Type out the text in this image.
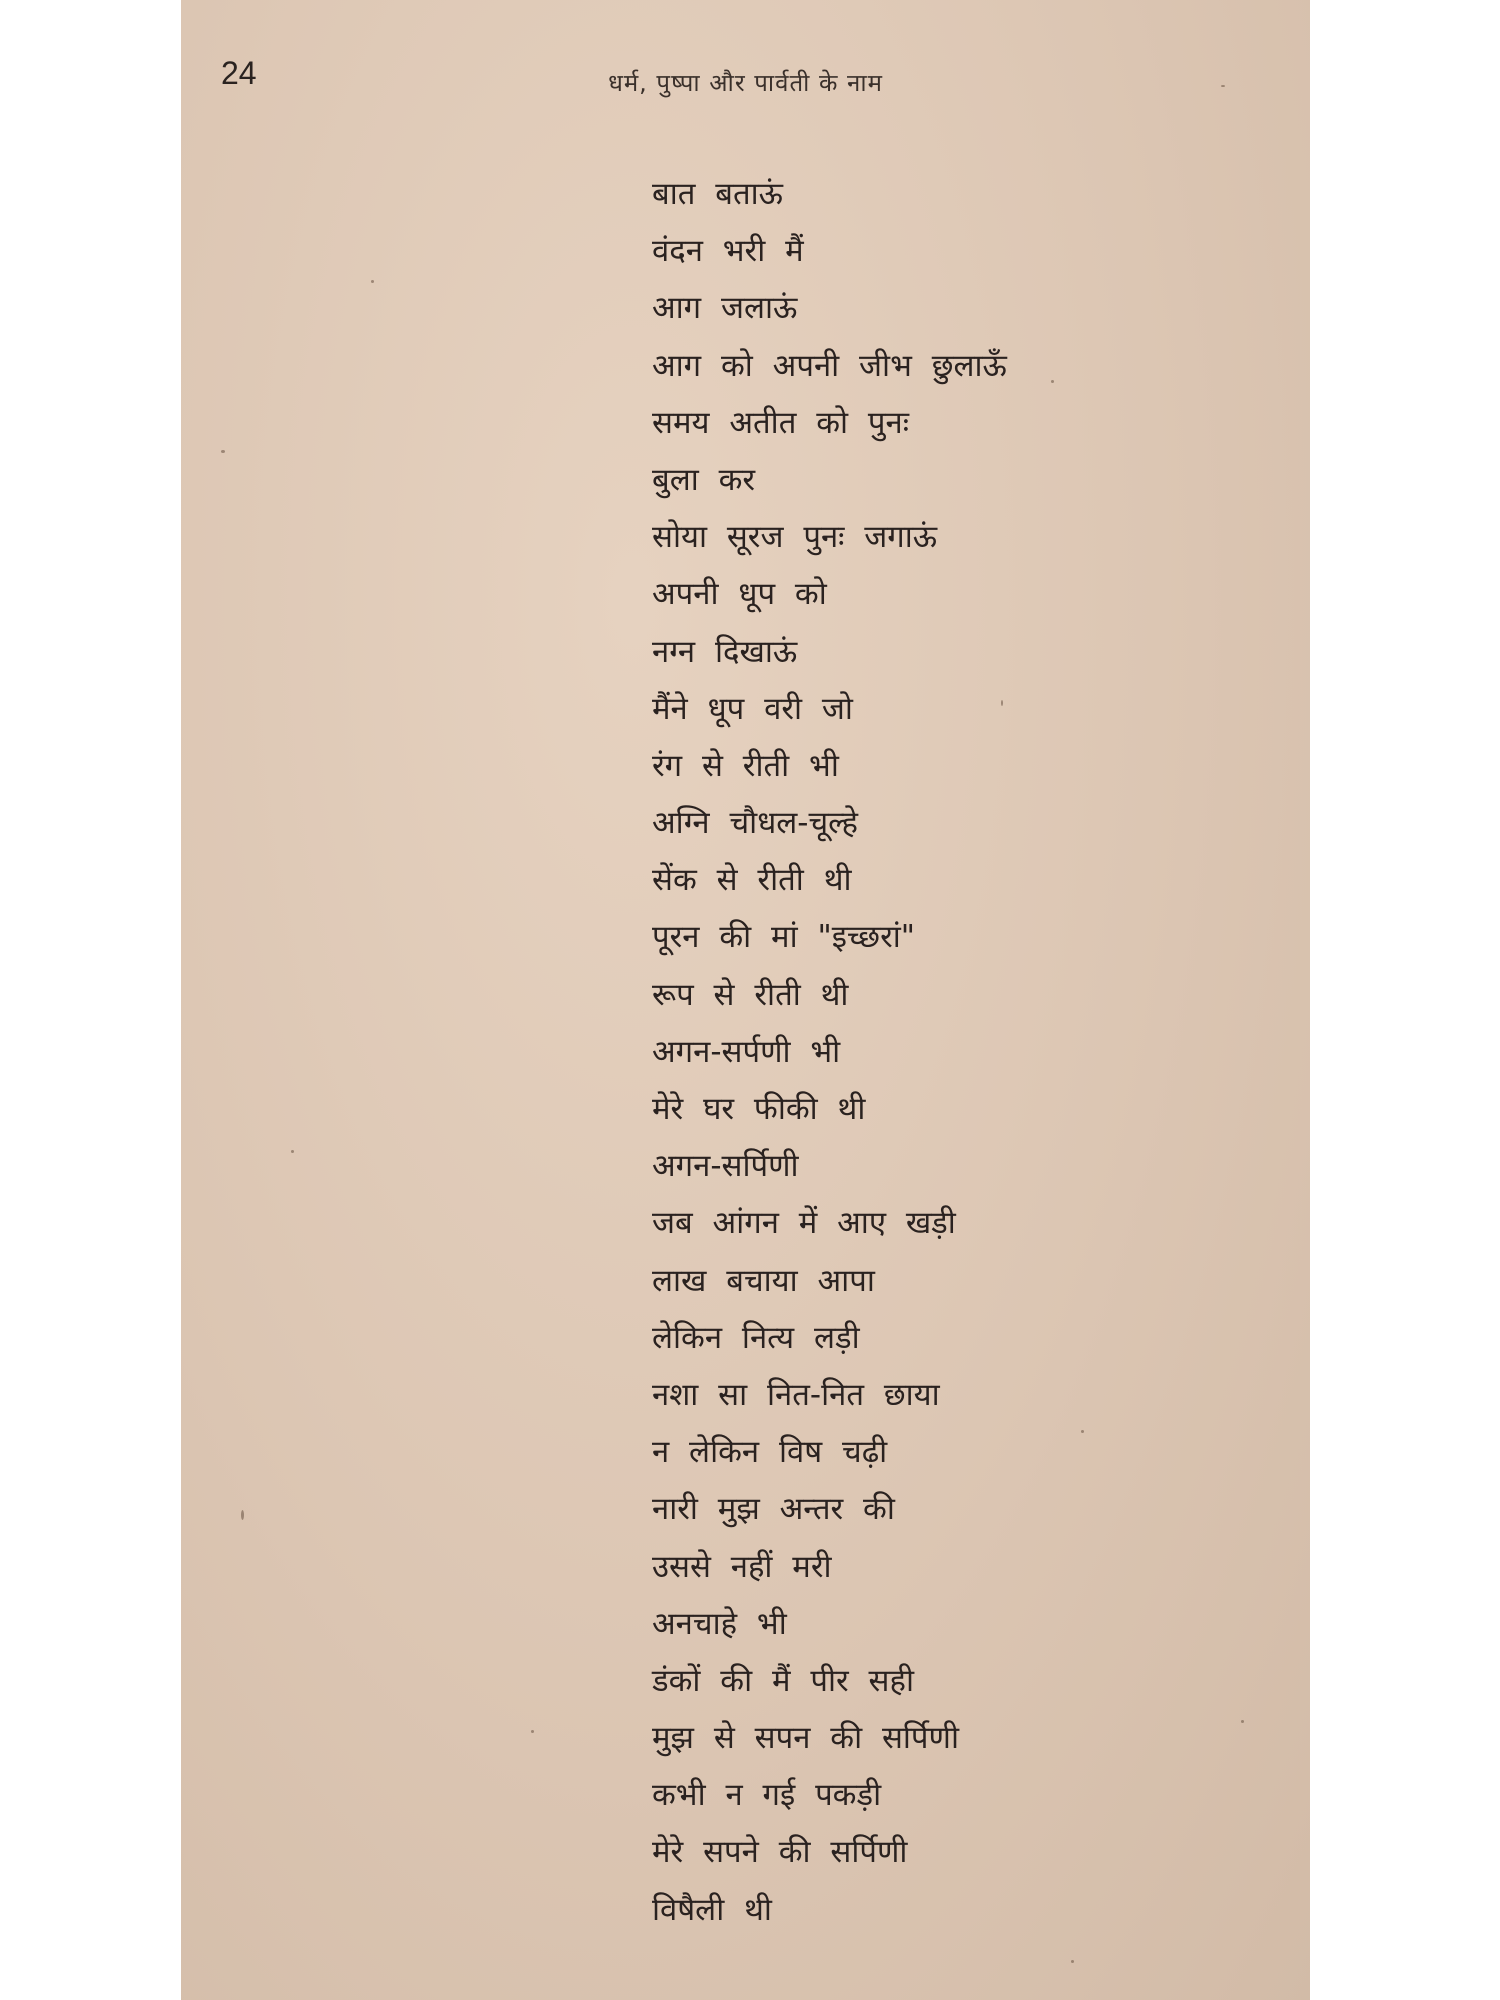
24	धर्म, पुष्पा और पार्वती के नाम
बात बताऊं
वंदन भरी मैं
आग जलाऊं
आग को अपनी जीभ छुलाऊँ
समय अतीत को पुनः
बुला कर
सोया सूरज पुनः जगाऊं
अपनी धूप को
नग्न दिखाऊं
मैंने धूप वरी जो
रंग से रीती भी
अग्नि चौधल-चूल्हे
सेंक से रीती थी
पूरन की मां "इच्छरां"
रूप से रीती थी
अगन-सर्पणी भी
मेरे घर फीकी थी
अगन-सर्पिणी
जब आंगन में आए खड़ी
लाख बचाया आपा
लेकिन नित्य लड़ी
नशा सा नित-नित छाया
न लेकिन विष चढ़ी
नारी मुझ अन्तर की
उससे नहीं मरी
अनचाहे भी
डंकों की मैं पीर सही
मुझ से सपन की सर्पिणी
कभी न गई पकड़ी
मेरे सपने की सर्पिणी
विषैली थी
